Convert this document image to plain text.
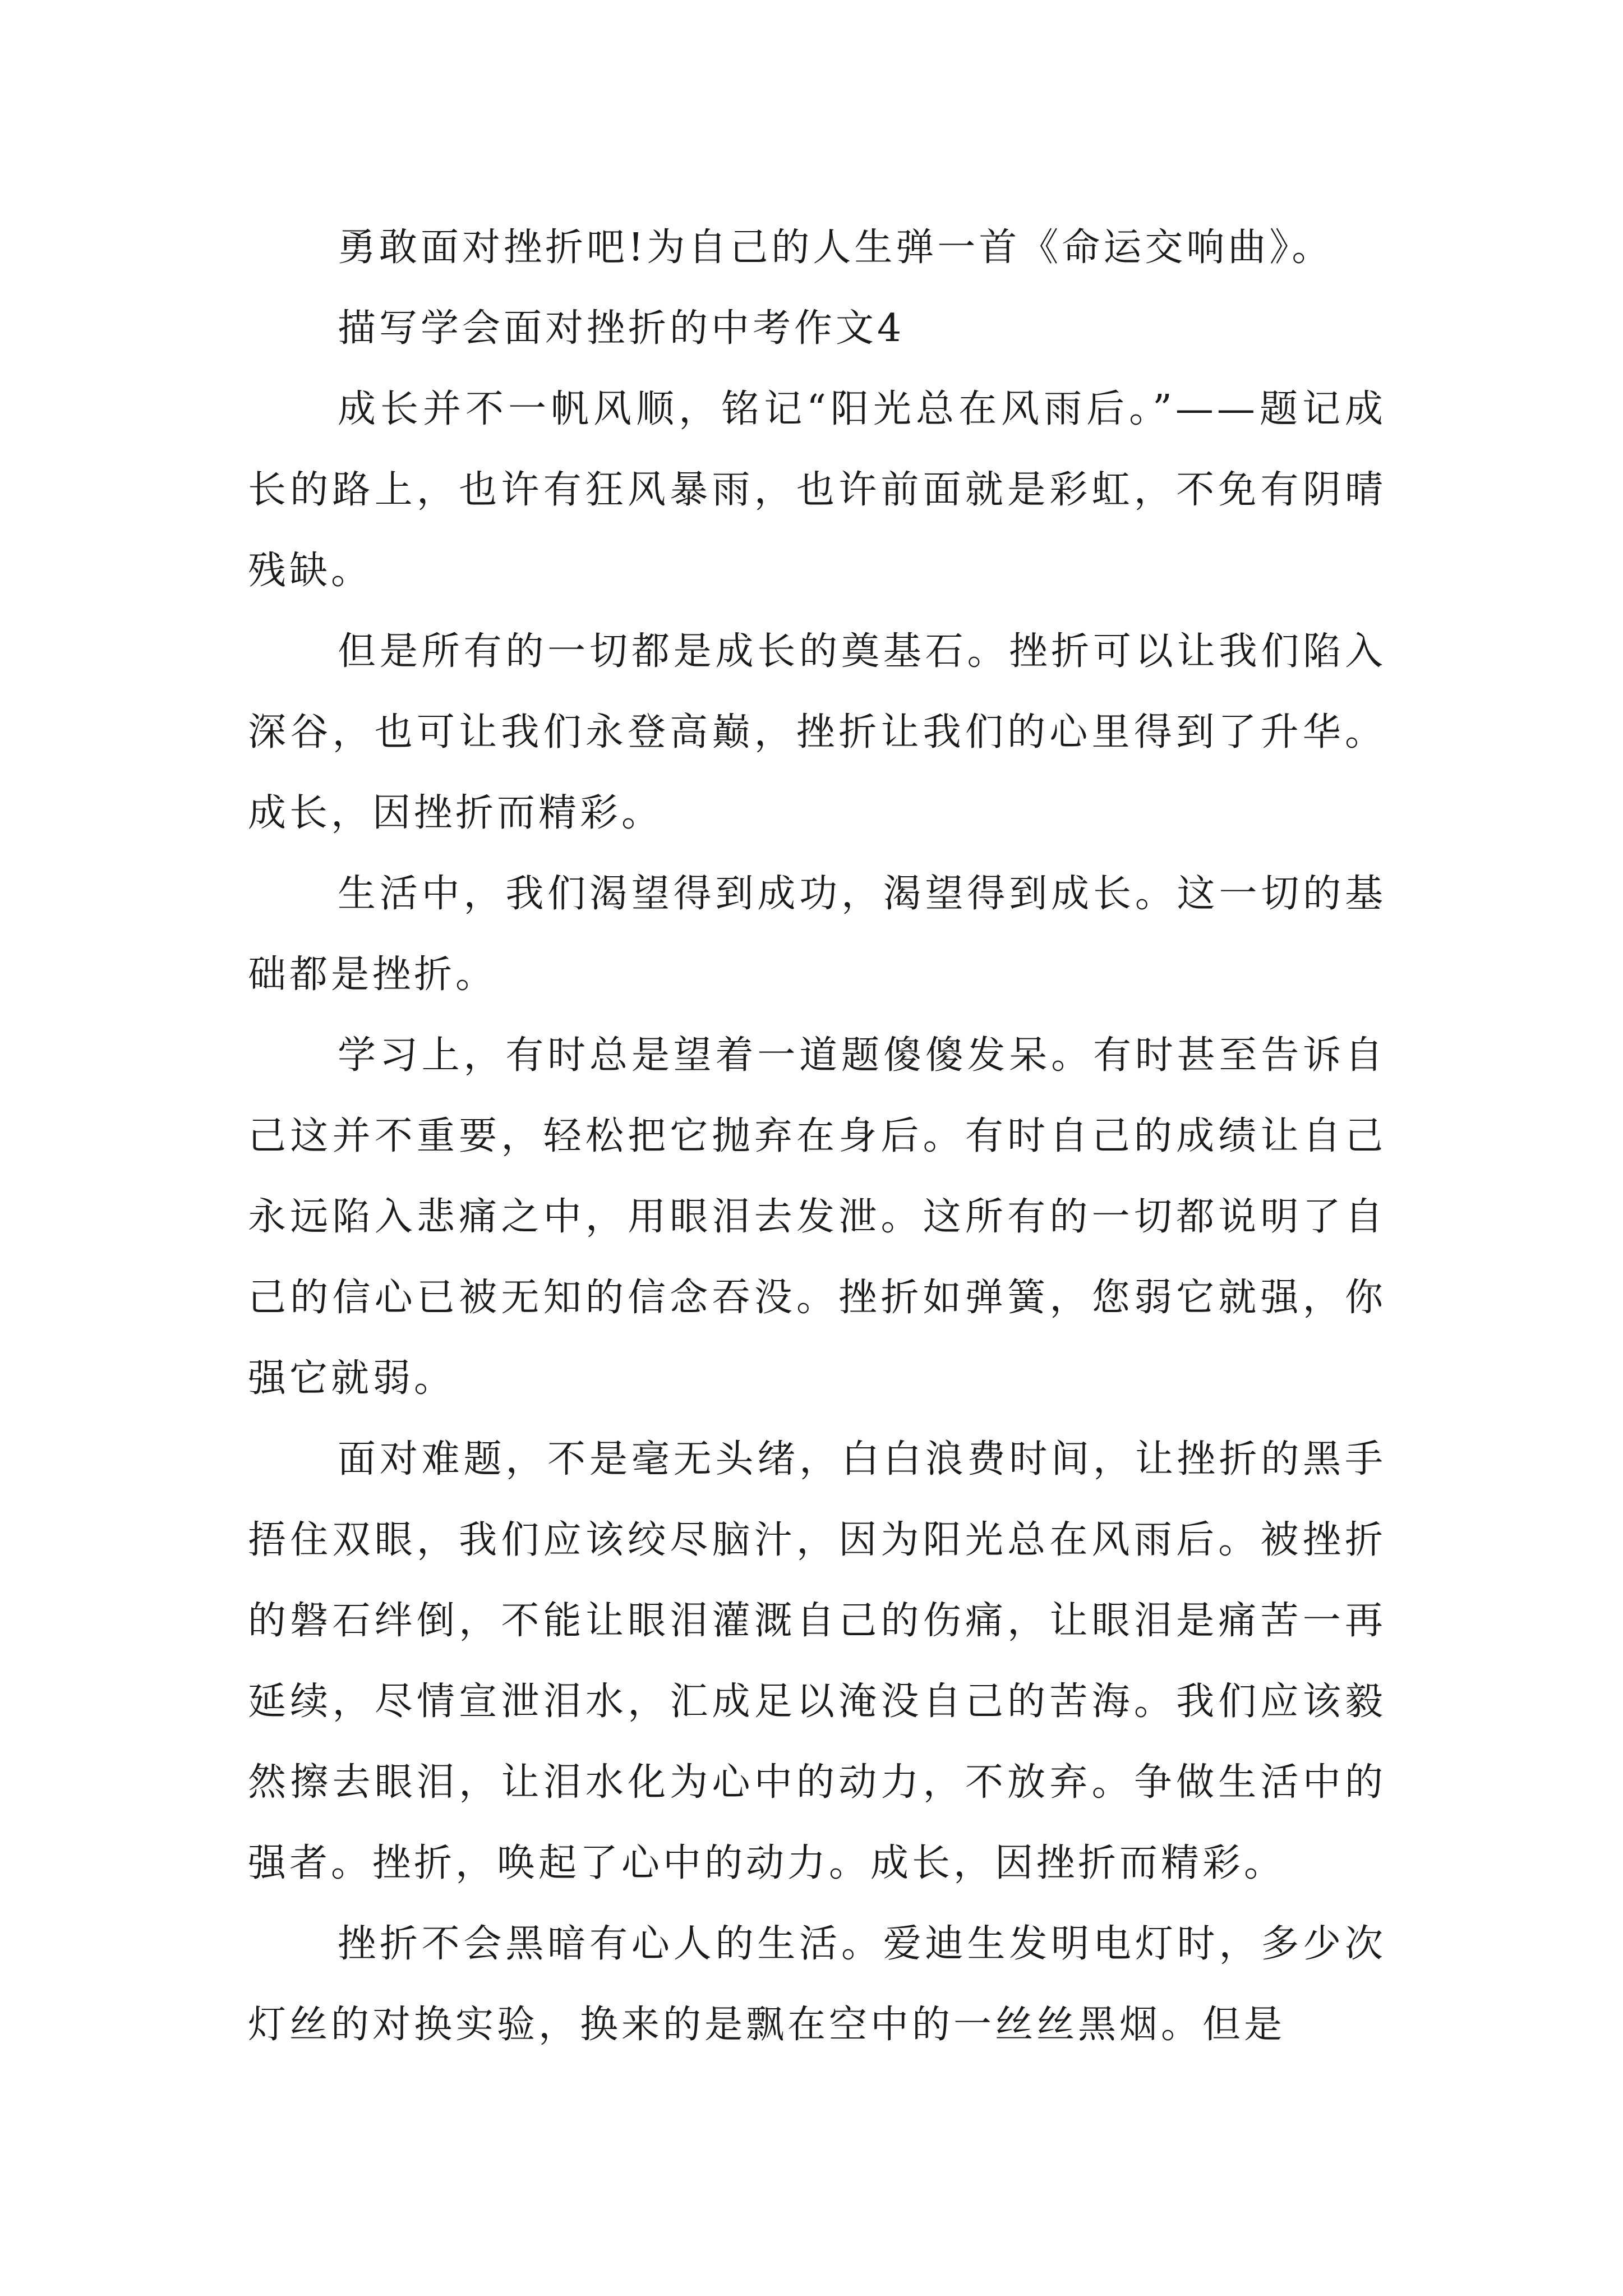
勇敢面对挫折吧!为自己的人生弹一首《命运交响曲》。

描写学会面对挫折的中考作文4

成长并不一帆风顺，铭记“阳光总在风雨后。”——题记成长的路上，也许有狂风暴雨，也许前面就是彩虹，不免有阴晴残缺。

但是所有的一切都是成长的奠基石。挫折可以让我们陷入深谷，也可让我们永登高巅，挫折让我们的心里得到了升华。成长，因挫折而精彩。

生活中，我们渴望得到成功，渴望得到成长。这一切的基础都是挫折。

学习上，有时总是望着一道题傻傻发呆。有时甚至告诉自己这并不重要，轻松把它抛弃在身后。有时自己的成绩让自己永远陷入悲痛之中，用眼泪去发泄。这所有的一切都说明了自己的信心已被无知的信念吞没。挫折如弹簧，您弱它就强，你强它就弱。

面对难题，不是毫无头绪，白白浪费时间，让挫折的黑手捂住双眼，我们应该绞尽脑汁，因为阳光总在风雨后。被挫折的磐石绊倒，不能让眼泪灌溉自己的伤痛，让眼泪是痛苦一再延续，尽情宣泄泪水，汇成足以淹没自己的苦海。我们应该毅然擦去眼泪，让泪水化为心中的动力，不放弃。争做生活中的强者。挫折，唤起了心中的动力。成长，因挫折而精彩。

挫折不会黑暗有心人的生活。爱迪生发明电灯时，多少次灯丝的对换实验，换来的是飘在空中的一丝丝黑烟。但是
